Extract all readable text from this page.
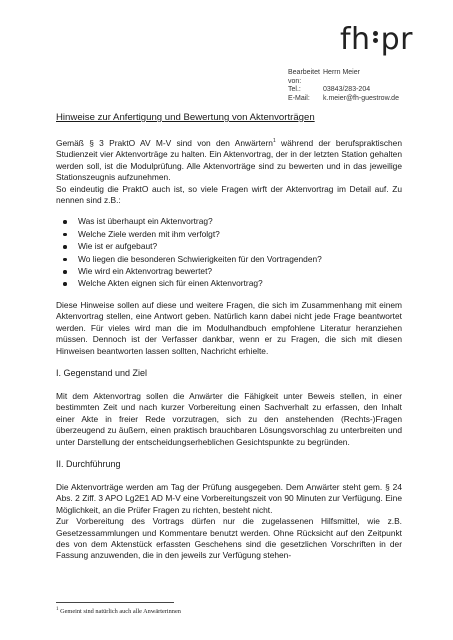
fh pr
Bearbeitet von:
Herrn Meier
Tel.:	03843/283-204
E-Mail:	k.meier@fh-guestrow.de
Hinweise zur Anfertigung und Bewertung von Aktenvorträgen

Gemäß § 3 PraktO AV M-V sind von den Anwärtern$^1$ während der berufspraktischen Studienzeit vier Aktenvorträge zu halten. Ein Aktenvortrag, der in der letzten Station gehalten werden soll, ist die Modulprüfung. Alle Aktenvorträge sind zu bewerten und in das jeweilige Stationszeugnis aufzunehmen.
So eindeutig die PraktO auch ist, so viele Fragen wirft der Aktenvortrag im Detail auf. Zu nennen sind z.B.:

Was ist überhaupt ein Aktenvortrag?
Welche Ziele werden mit ihm verfolgt?
Wie ist er aufgebaut?
Wo liegen die besonderen Schwierigkeiten für den Vortragenden?
Wie wird ein Aktenvortrag bewertet?
Welche Akten eignen sich für einen Aktenvortrag?

Diese Hinweise sollen auf diese und weitere Fragen, die sich im Zusammenhang mit einem Aktenvortrag stellen, eine Antwort geben. Natürlich kann dabei nicht jede Frage beantwortet werden. Für vieles wird man die im Modulhandbuch empfohlene Literatur heranziehen müssen. Dennoch ist der Verfasser dankbar, wenn er zu Fragen, die sich mit diesen Hinweisen beantworten lassen sollten, Nachricht erhielte.

I. Gegenstand und Ziel

Mit dem Aktenvortrag sollen die Anwärter die Fähigkeit unter Beweis stellen, in einer bestimmten Zeit und nach kurzer Vorbereitung einen Sachverhalt zu erfassen, den Inhalt einer Akte in freier Rede vorzutragen, sich zu den anstehenden (Rechts-)Fragen überzeugend zu äußern, einen praktisch brauchbaren Lösungsvorschlag zu unterbreiten und unter Darstellung der entscheidungserheblichen Gesichtspunkte zu begründen.

II. Durchführung

Die Aktenvorträge werden am Tag der Prüfung ausgegeben. Dem Anwärter steht gem. § 24 Abs. 2 Ziff. 3 APO Lg2E1 AD M-V eine Vorbereitungszeit von 90 Minuten zur Verfügung. Eine Möglichkeit, an die Prüfer Fragen zu richten, besteht nicht.
Zur Vorbereitung des Vortrags dürfen nur die zugelassenen Hilfsmittel, wie z.B. Gesetzessammlungen und Kommentare benutzt werden. Ohne Rücksicht auf den Zeitpunkt des von dem Aktenstück erfassten Geschehens sind die gesetzlichen Vorschriften in der Fassung anzuwenden, die in den jeweils zur Verfügung stehen-

$^1$ Gemeint sind natürlich auch alle Anwärterinnen
